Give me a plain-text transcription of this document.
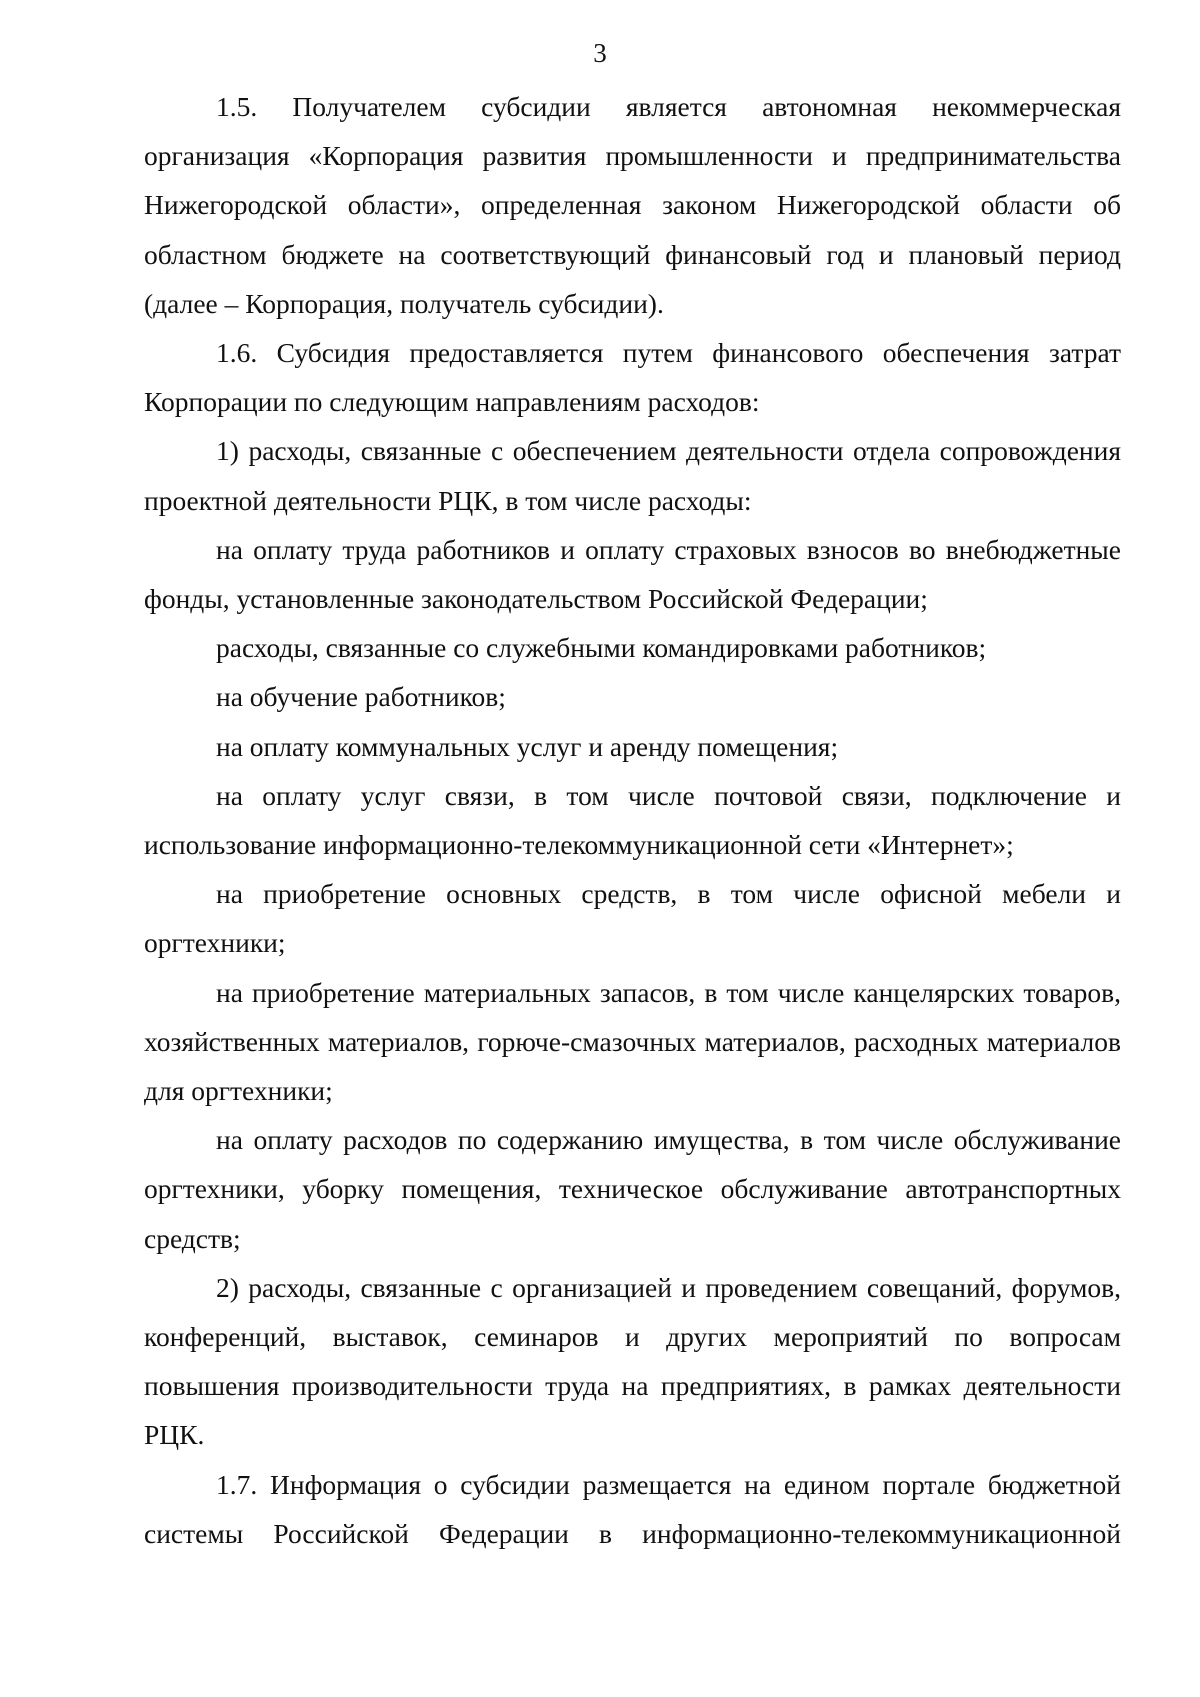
3

1.5. Получателем субсидии является автономная некоммерческая организация «Корпорация развития промышленности и предпринимательства Нижегородской области», определенная законом Нижегородской области об областном бюджете на соответствующий финансовый год и плановый период (далее – Корпорация, получатель субсидии).

1.6. Субсидия предоставляется путем финансового обеспечения затрат Корпорации по следующим направлениям расходов:

1) расходы, связанные с обеспечением деятельности отдела сопровождения проектной деятельности РЦК, в том числе расходы:

на оплату труда работников и оплату страховых взносов во внебюджетные фонды, установленные законодательством Российской Федерации;

расходы, связанные со служебными командировками работников;

на обучение работников;

на оплату коммунальных услуг и аренду помещения;

на оплату услуг связи, в том числе почтовой связи, подключение и использование информационно-телекоммуникационной сети «Интернет»;

на приобретение основных средств, в том числе офисной мебели и оргтехники;

на приобретение материальных запасов, в том числе канцелярских товаров, хозяйственных материалов, горюче-смазочных материалов, расходных материалов для оргтехники;

на оплату расходов по содержанию имущества, в том числе обслуживание оргтехники, уборку помещения, техническое обслуживание автотранспортных средств;

2) расходы, связанные с организацией и проведением совещаний, форумов, конференций, выставок, семинаров и других мероприятий по вопросам повышения производительности труда на предприятиях, в рамках деятельности РЦК.

1.7. Информация о субсидии размещается на едином портале бюджетной системы Российской Федерации в информационно-телекоммуникационной
